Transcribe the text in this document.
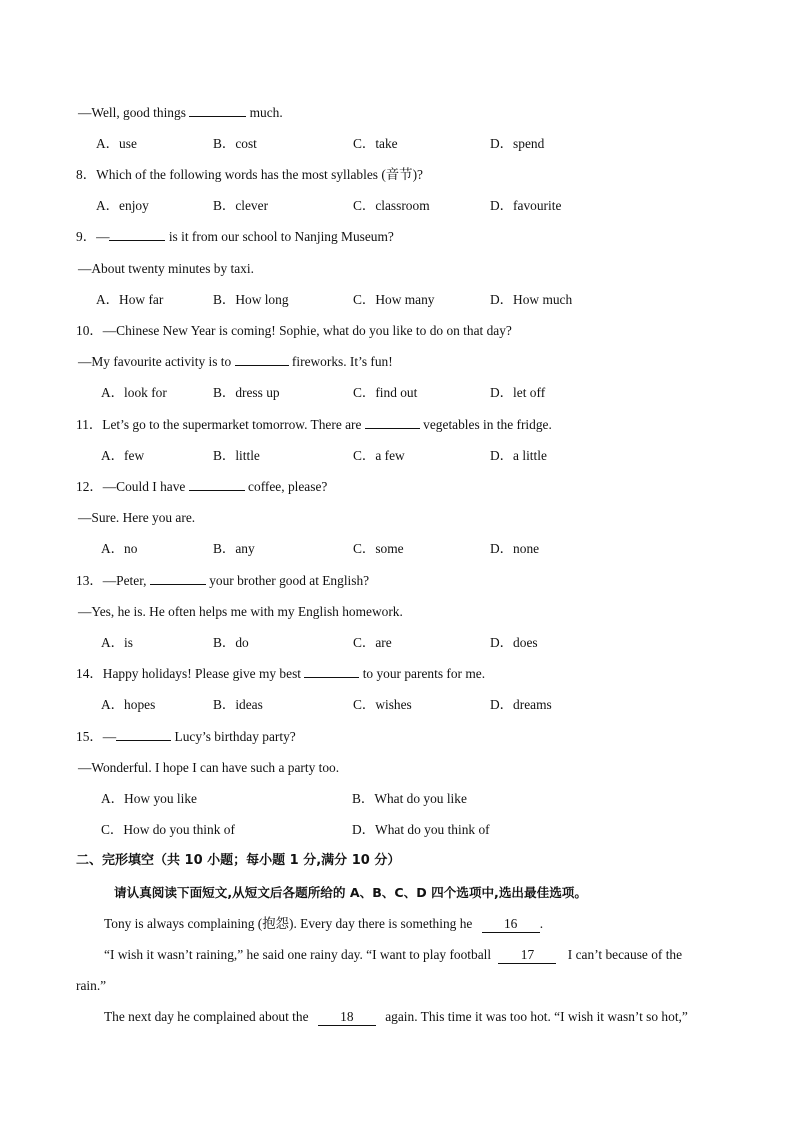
—Well, good things	much.
A．use	B．cost	C．take	D．spend
8．Which of the following words has the most syllables (音节)?
A．enjoy	B．clever	C．classroom	D．favourite
9．—	is it from our school to Nanjing Museum?
—About twenty minutes by taxi.
A．How far	B．How long	C．How many	D．How much
10．—Chinese New Year is coming! Sophie, what do you like to do on that day?
—My favourite activity is to	fireworks. It’s fun!
A．look for	B．dress up	C．find out	D．let off
11．Let’s go to the supermarket tomorrow. There are	vegetables in the fridge.
A．few	B．little	C．a few	D．a little
12．—Could I have	coffee, please?
—Sure. Here you are.
A．no	B．any	C．some	D．none
13．—Peter,	your brother good at English?
—Yes, he is. He often helps me with my English homework.
A．is	B．do	C．are	D．does
14．Happy holidays! Please give my best	to your parents for me.
A．hopes	B．ideas	C．wishes	D．dreams
15．—	Lucy’s birthday party?
—Wonderful. I hope I can have such a party too.
A．How you like	B．What do you like
C．How do you think of	D．What do you think of
二、完形填空（共 10 小题；每小题 1 分,满分 10 分）
请认真阅读下面短文,从短文后各题所给的 A、B、C、D 四个选项中,选出最佳选项。
Tony is always complaining (抱怨). Every day there is something he 16 .
“I wish it wasn’t raining,” he said one rainy day. “I want to play football 17 I can’t because of the
rain.”
The next day he complained about the 18 again. This time it was too hot. “I wish it wasn’t so hot,”
